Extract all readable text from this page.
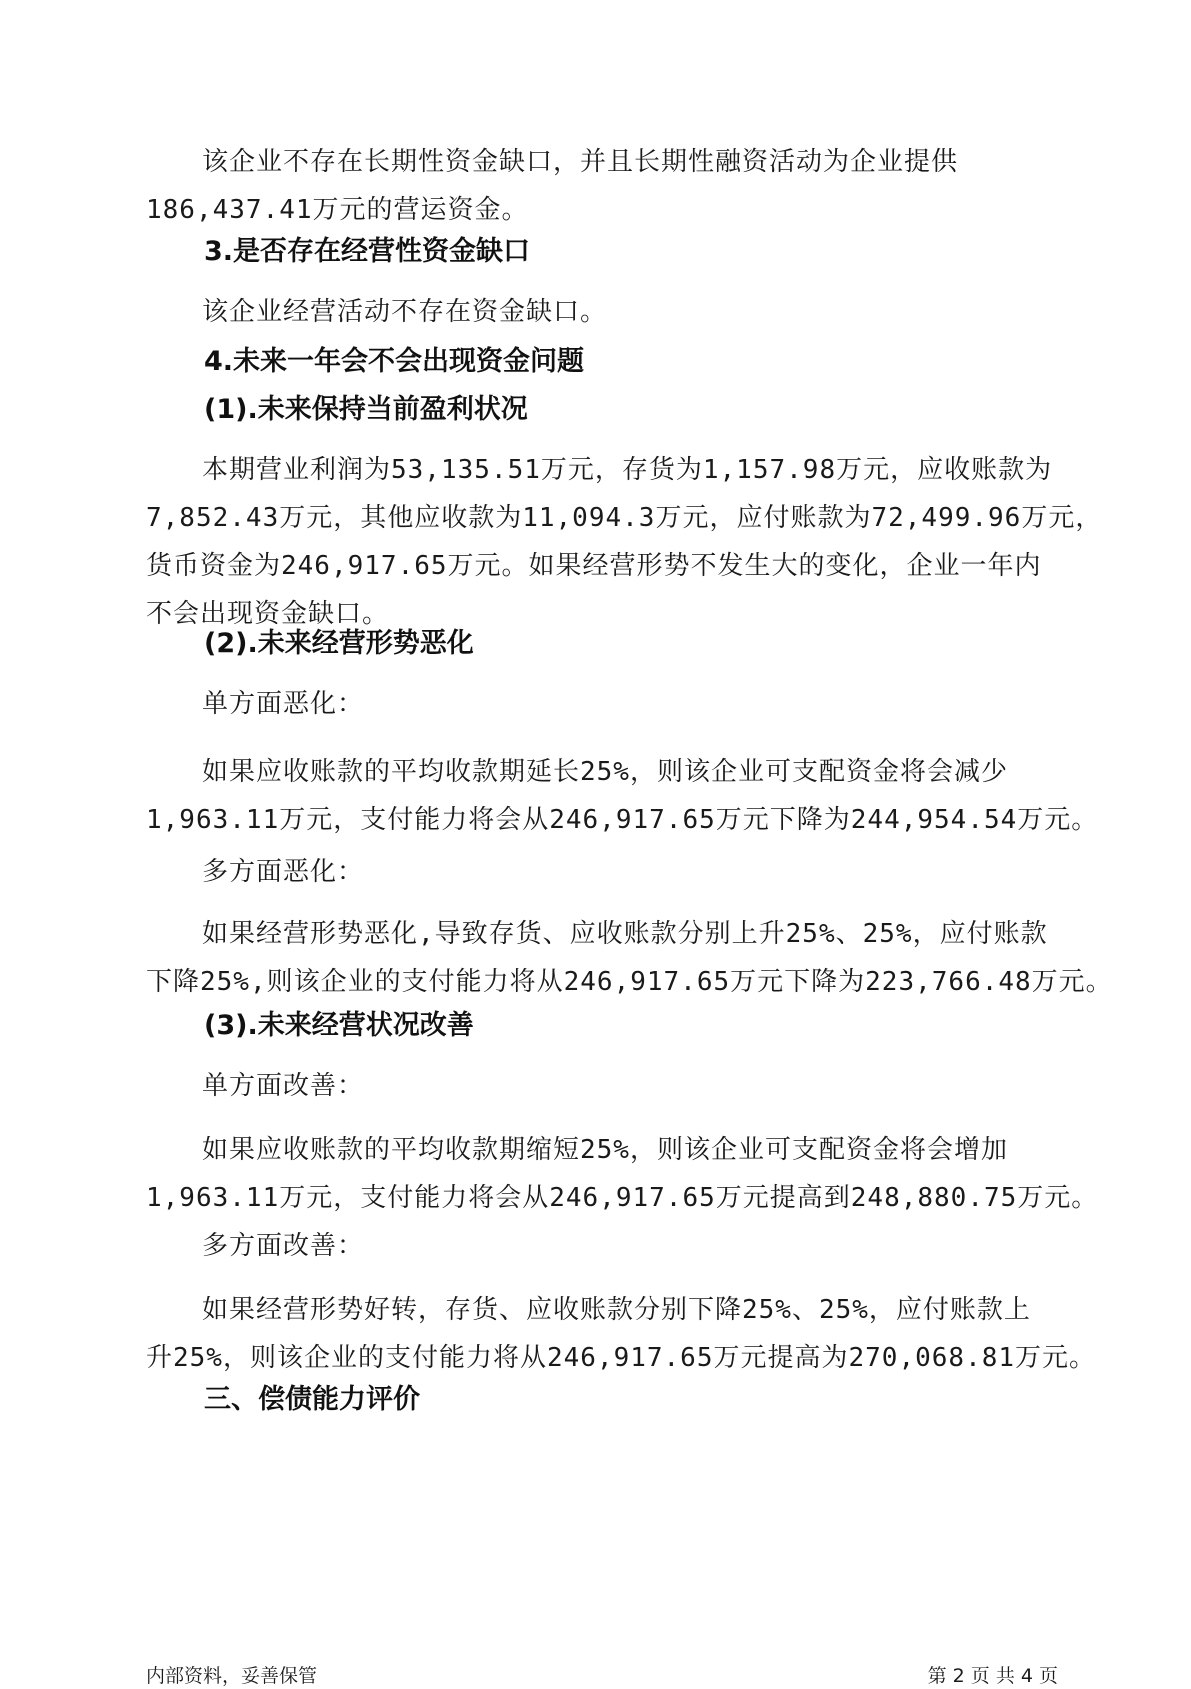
该企业不存在长期性资金缺口，并且长期性融资活动为企业提供
186,437.41万元的营运资金。

3.是否存在经营性资金缺口

该企业经营活动不存在资金缺口。

4.未来一年会不会出现资金问题
(1).未来保持当前盈利状况

本期营业利润为53,135.51万元，存货为1,157.98万元，应收账款为
7,852.43万元，其他应收款为11,094.3万元，应付账款为72,499.96万元，
货币资金为246,917.65万元。如果经营形势不发生大的变化，企业一年内
不会出现资金缺口。

(2).未来经营形势恶化

单方面恶化：

如果应收账款的平均收款期延长25%，则该企业可支配资金将会减少
1,963.11万元，支付能力将会从246,917.65万元下降为244,954.54万元。

多方面恶化：

如果经营形势恶化,导致存货、应收账款分别上升25%、25%，应付账款
下降25%,则该企业的支付能力将从246,917.65万元下降为223,766.48万元。

(3).未来经营状况改善

单方面改善：

如果应收账款的平均收款期缩短25%，则该企业可支配资金将会增加
1,963.11万元，支付能力将会从246,917.65万元提高到248,880.75万元。

多方面改善：

如果经营形势好转，存货、应收账款分别下降25%、25%，应付账款上
升25%，则该企业的支付能力将从246,917.65万元提高为270,068.81万元。

三、偿债能力评价
内部资料，妥善保管	第 2 页 共 4 页
